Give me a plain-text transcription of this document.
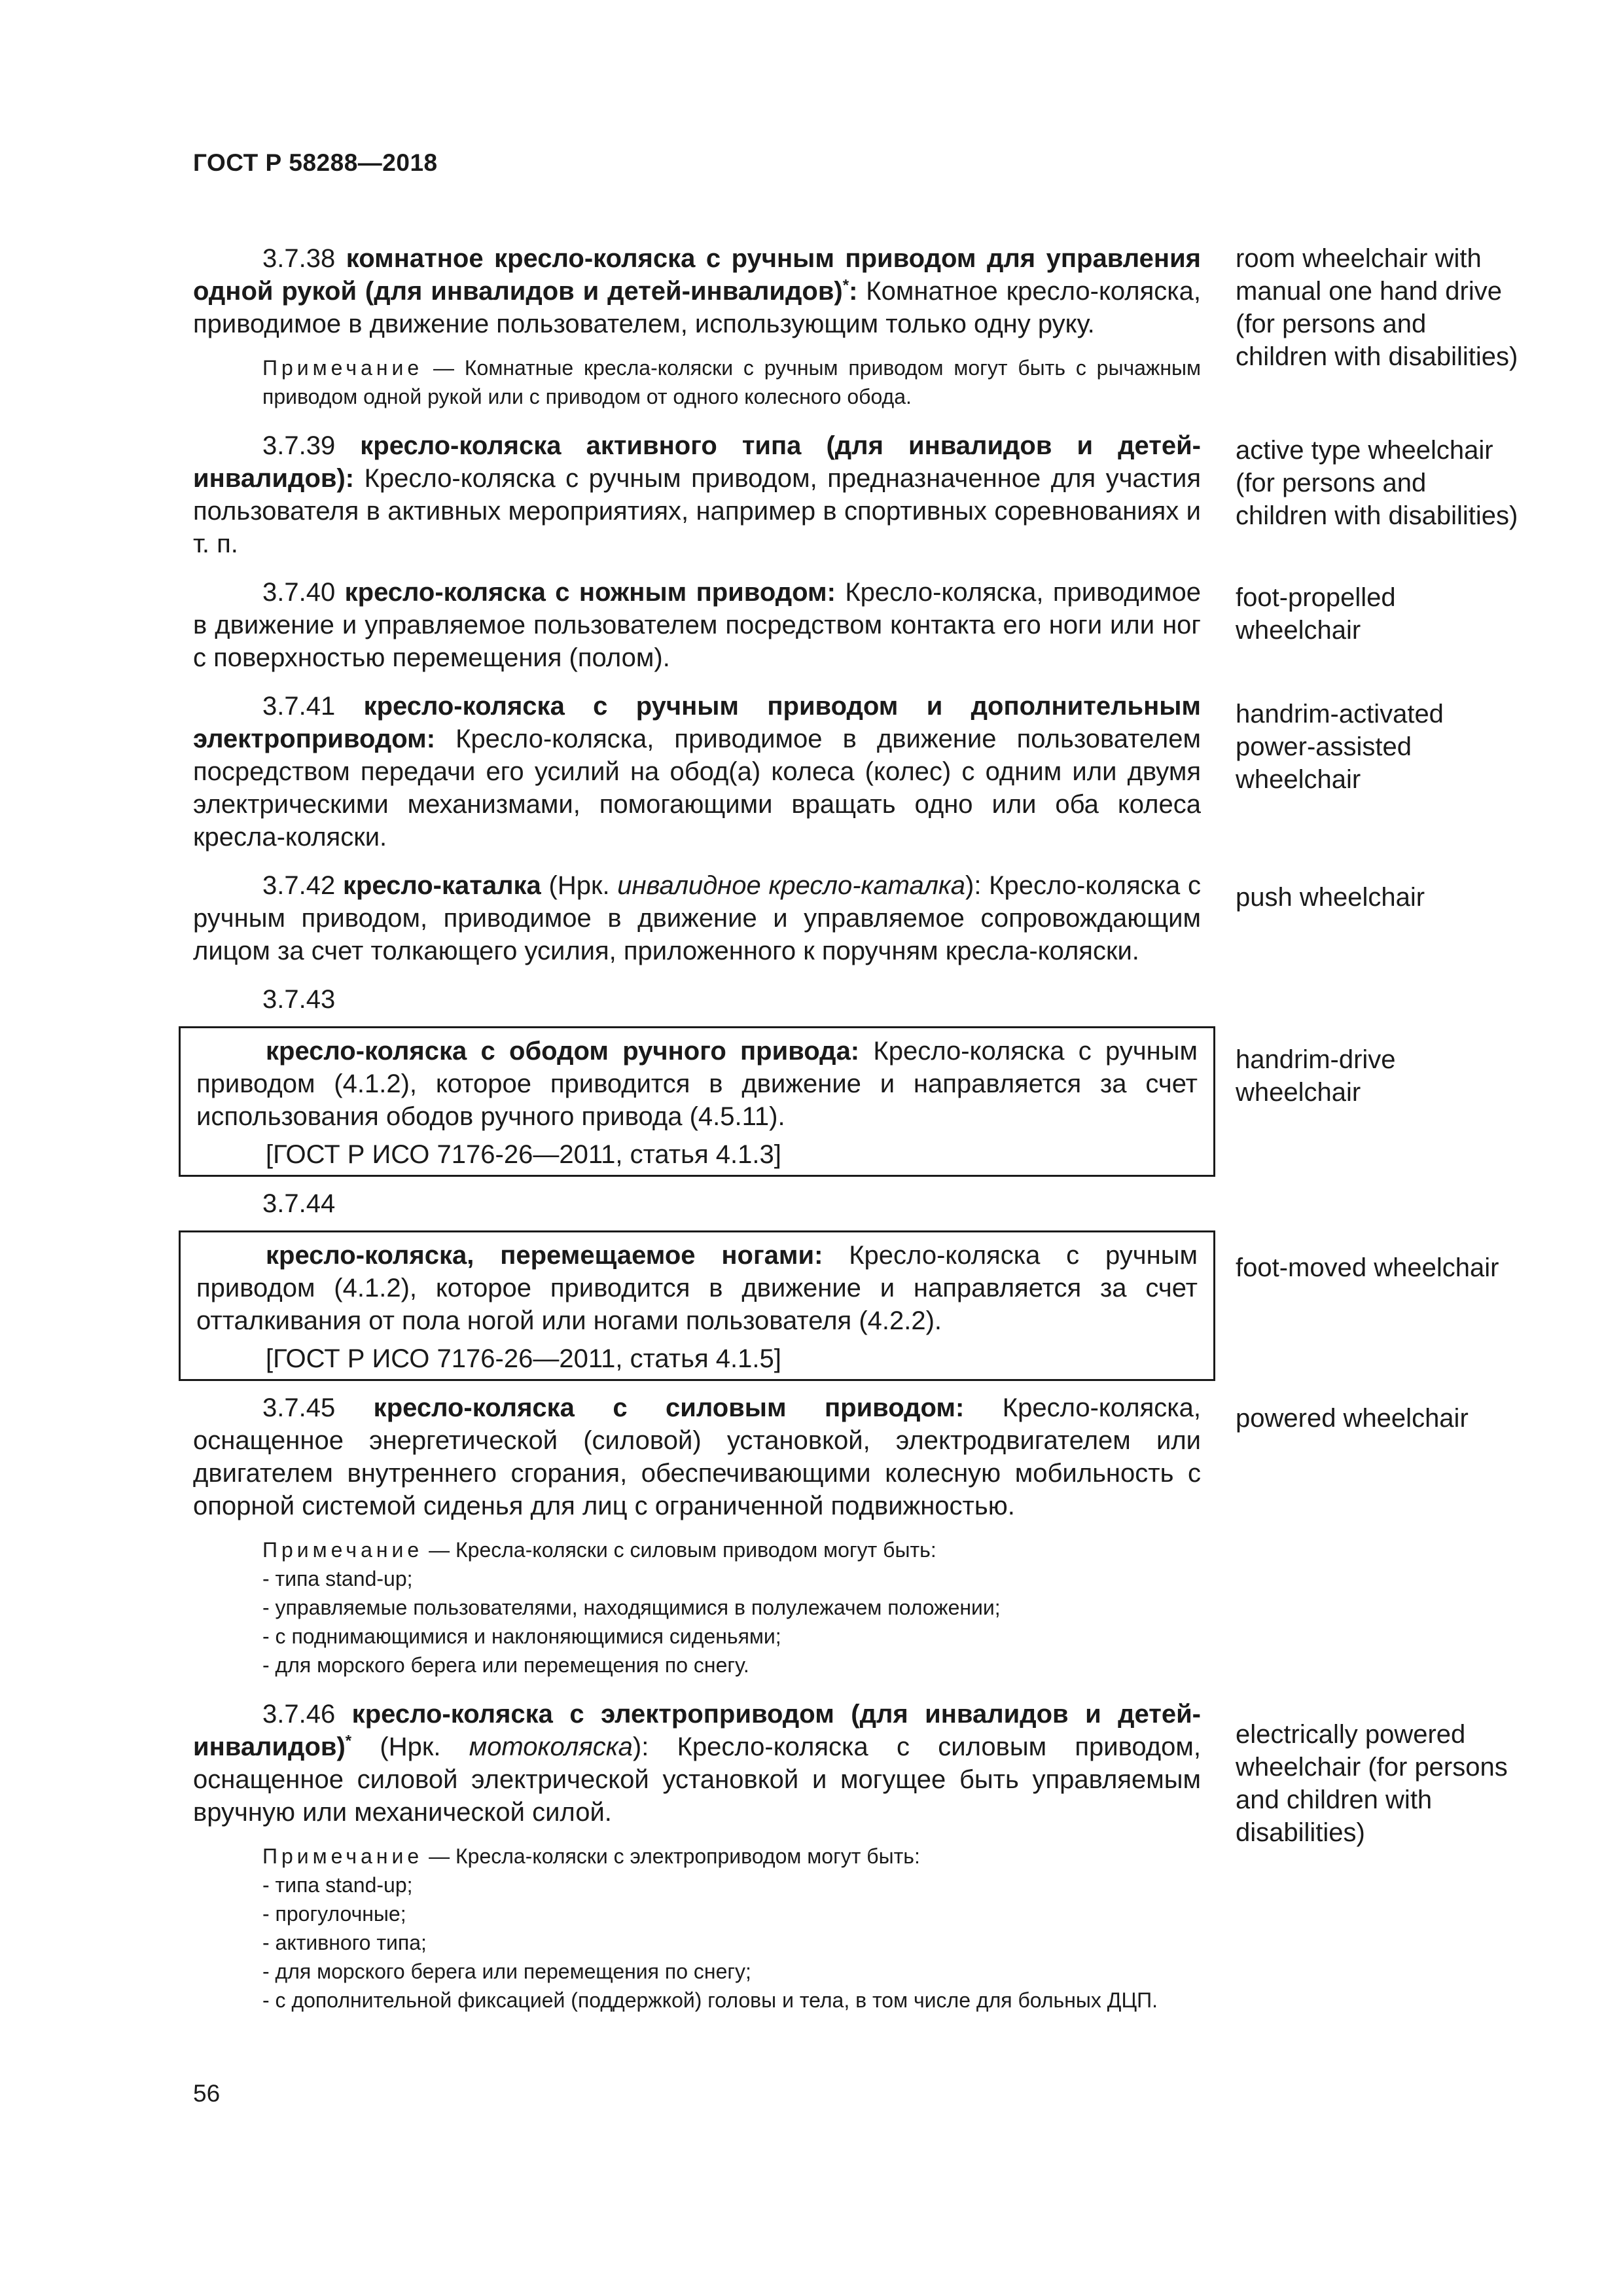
ГОСТ Р 58288—2018

3.7.38 комнатное кресло-коляска с ручным приводом для управления одной рукой (для инвалидов и детей-инвалидов)*: Комнатное кресло-коляска, приводимое в движение пользователем, использующим только одну руку.

Примечание — Комнатные кресла-коляски с ручным приводом могут быть с рычажным приводом одной рукой или с приводом от одного колесного обода.

3.7.39 кресло-коляска активного типа (для инвалидов и детей-инвалидов): Кресло-коляска с ручным приводом, предназначенное для участия пользователя в активных мероприятиях, например в спортивных соревнованиях и т. п.

3.7.40 кресло-коляска с ножным приводом: Кресло-коляска, приводимое в движение и управляемое пользователем посредством контакта его ноги или ног с поверхностью перемещения (полом).

3.7.41 кресло-коляска с ручным приводом и дополнительным электроприводом: Кресло-коляска, приводимое в движение пользователем посредством передачи его усилий на обод(а) колеса (колес) с одним или двумя электрическими механизмами, помогающими вращать одно или оба колеса кресла-коляски.

3.7.42 кресло-каталка (Нрк. инвалидное кресло-каталка): Кресло-коляска с ручным приводом, приводимое в движение и управляемое сопровождающим лицом за счет толкающего усилия, приложенного к поручням кресла-коляски.

3.7.43

кресло-коляска с ободом ручного привода: Кресло-коляска с ручным приводом (4.1.2), которое приводится в движение и направляется за счет использования ободов ручного привода (4.5.11).

[ГОСТ Р ИСО 7176-26—2011, статья 4.1.3]
3.7.44

кресло-коляска, перемещаемое ногами: Кресло-коляска с ручным приводом (4.1.2), которое приводится в движение и направляется за счет отталкивания от пола ногой или ногами пользователя (4.2.2).

[ГОСТ Р ИСО 7176-26—2011, статья 4.1.5]

3.7.45 кресло-коляска с силовым приводом: Кресло-коляска, оснащенное энергетической (силовой) установкой, электродвигателем или двигателем внутреннего сгорания, обеспечивающими колесную мобильность с опорной системой сиденья для лиц с ограниченной подвижностью.

Примечание — Кресла-коляски с силовым приводом могут быть:
- типа stand-up;
- управляемые пользователями, находящимися в полулежачем положении;
- с поднимающимися и наклоняющимися сиденьями;
- для морского берега или перемещения по снегу.

3.7.46 кресло-коляска с электроприводом (для инвалидов и детей-инвалидов)* (Нрк. мотоколяска): Кресло-коляска с силовым приводом, оснащенное силовой электрической установкой и могущее быть управляемым вручную или механической силой.

Примечание — Кресла-коляски с электроприводом могут быть:
- типа stand-up;
- прогулочные;
- активного типа;
- для морского берега или перемещения по снегу;

- с дополнительной фиксацией (поддержкой) головы и тела, в том числе для больных ДЦП.

room wheelchair with manual one hand drive (for persons and children with disabilities)
active type wheelchair (for persons and children with disabilities)
foot-propelled wheelchair
handrim-activated power-assisted wheelchair
push wheelchair
handrim-drive wheelchair
foot-moved wheelchair
powered wheelchair
electrically powered wheelchair (for persons and children with disabilities)
56
